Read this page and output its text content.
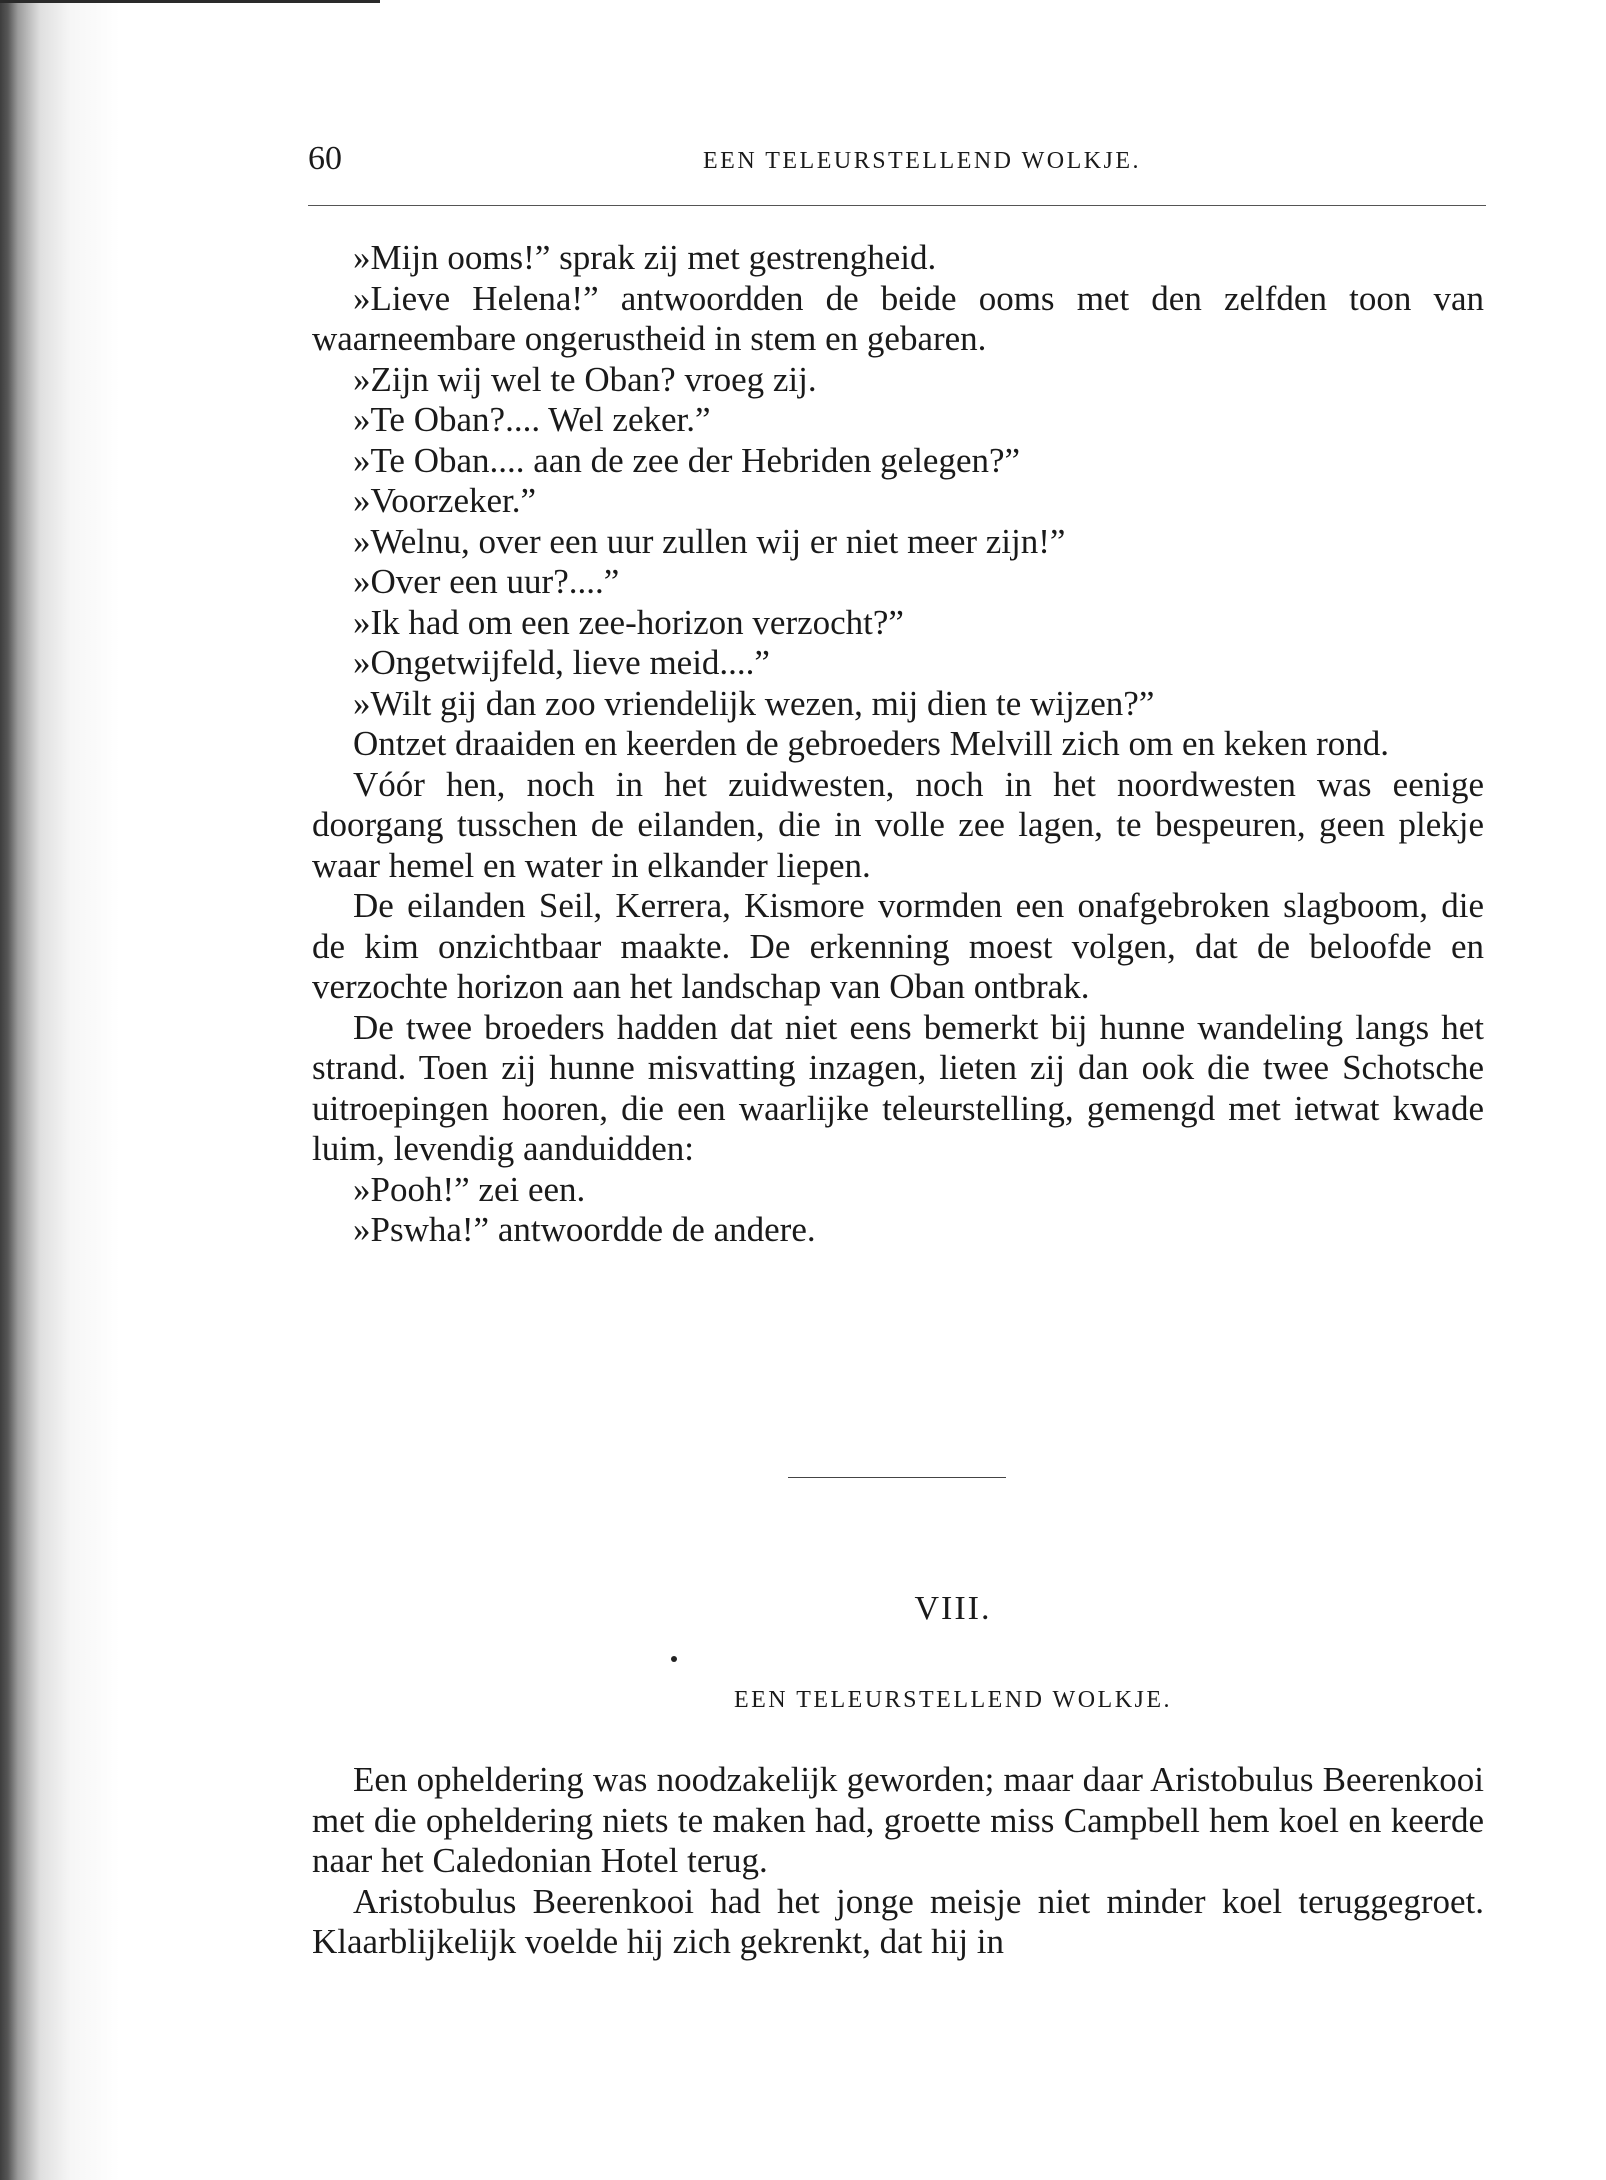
60	EEN TELEURSTELLEND WOLKJE.

»Mijn ooms!” sprak zij met gestrengheid.

»Lieve Helena!” antwoordden de beide ooms met den zelfden toon van waarneembare ongerustheid in stem en gebaren.

»Zijn wij wel te Oban? vroeg zij.

»Te Oban?.... Wel zeker.”

»Te Oban.... aan de zee der Hebriden gelegen?”

»Voorzeker.”

»Welnu, over een uur zullen wij er niet meer zijn!”

»Over een uur?....”

»Ik had om een zee-horizon verzocht?”

»Ongetwijfeld, lieve meid....”

»Wilt gij dan zoo vriendelijk wezen, mij dien te wijzen?”

Ontzet draaiden en keerden de gebroeders Melvill zich om en keken rond.

Vóór hen, noch in het zuidwesten, noch in het noordwesten was eenige doorgang tusschen de eilanden, die in volle zee lagen, te bespeuren, geen plekje waar hemel en water in elkander liepen.

De eilanden Seil, Kerrera, Kismore vormden een onafgebroken slagboom, die de kim onzichtbaar maakte. De erkenning moest volgen, dat de beloofde en verzochte horizon aan het landschap van Oban ontbrak.

De twee broeders hadden dat niet eens bemerkt bij hunne wandeling langs het strand. Toen zij hunne misvatting inzagen, lieten zij dan ook die twee Schotsche uitroepingen hooren, die een waarlijke teleurstelling, gemengd met ietwat kwade luim, levendig aanduidden:

»Pooh!” zei een.

»Pswha!” antwoordde de andere.

VIII.
EEN TELEURSTELLEND WOLKJE.

Een opheldering was noodzakelijk geworden; maar daar Aristobulus Beerenkooi met die opheldering niets te maken had, groette miss Campbell hem koel en keerde naar het Caledonian Hotel terug.

Aristobulus Beerenkooi had het jonge meisje niet minder koel teruggegroet. Klaarblijkelijk voelde hij zich gekrenkt, dat hij in
